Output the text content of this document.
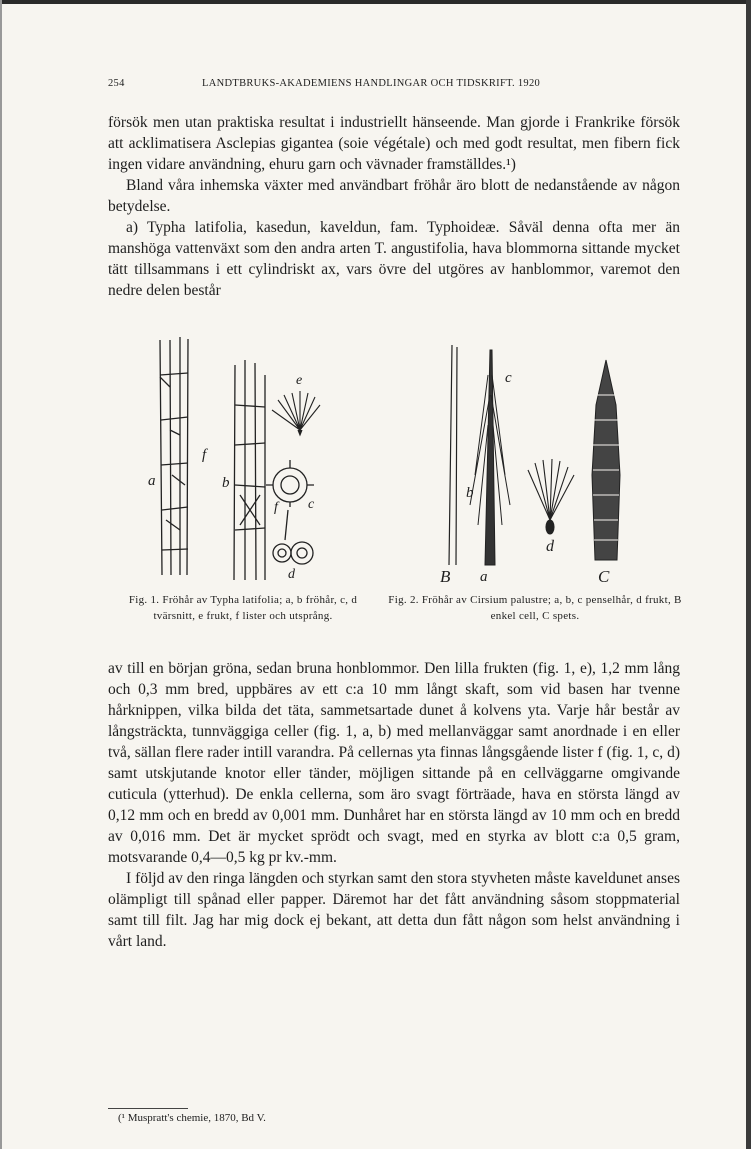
254	LANDTBRUKS-AKADEMIENS HANDLINGAR OCH TIDSKRIFT. 1920

försök men utan praktiska resultat i industriellt hänseende. Man gjorde i Frankrike försök att acklimatisera Asclepias gigantea (soie végétale) och med godt resultat, men fibern fick ingen vidare användning, ehuru garn och vävnader framställdes.¹)

Bland våra inhemska växter med användbart fröhår äro blott de nedanstående av någon betydelse.

a) Typha latifolia, kasedun, kaveldun, fam. Typhoideæ. Såväl denna ofta mer än manshöga vattenväxt som den andra arten T. angustifolia, hava blommorna sittande mycket tätt tillsammans i ett cylindriskt ax, vars övre del utgöres av hanblommor, varemot den nedre delen består

a
f
b
e
c
f
d
c
b
d
B a	C
Fig. 1. Fröhår av Typha latifolia; a, b fröhår, c, d tvärsnitt, e frukt, f lister och utsprång.
Fig. 2. Fröhår av Cirsium palustre; a, b, c penselhår, d frukt, B enkel cell, C spets.

av till en början gröna, sedan bruna honblommor. Den lilla frukten (fig. 1, e), 1,2 mm lång och 0,3 mm bred, uppbäres av ett c:a 10 mm långt skaft, som vid basen har tvenne hårknippen, vilka bilda det täta, sammetsartade dunet å kolvens yta. Varje hår består av långsträckta, tunnväggiga celler (fig. 1, a, b) med mellanväggar samt anordnade i en eller två, sällan flere rader intill varandra. På cellernas yta finnas långsgående lister f (fig. 1, c, d) samt utskjutande knotor eller tänder, möjligen sittande på en cellväggarne omgivande cuticula (ytterhud). De enkla cellerna, som äro svagt förträade, hava en största längd av 0,12 mm och en bredd av 0,001 mm. Dunhåret har en största längd av 10 mm och en bredd av 0,016 mm. Det är mycket sprödt och svagt, med en styrka av blott c:a 0,5 gram, motsvarande 0,4—0,5 kg pr kv.-mm.

I följd av den ringa längden och styrkan samt den stora styvheten måste kaveldunet anses olämpligt till spånad eller papper. Däremot har det fått användning såsom stoppmaterial samt till filt. Jag har mig dock ej bekant, att detta dun fått någon som helst användning i vårt land.

(¹ Muspratt's chemie, 1870, Bd V.
